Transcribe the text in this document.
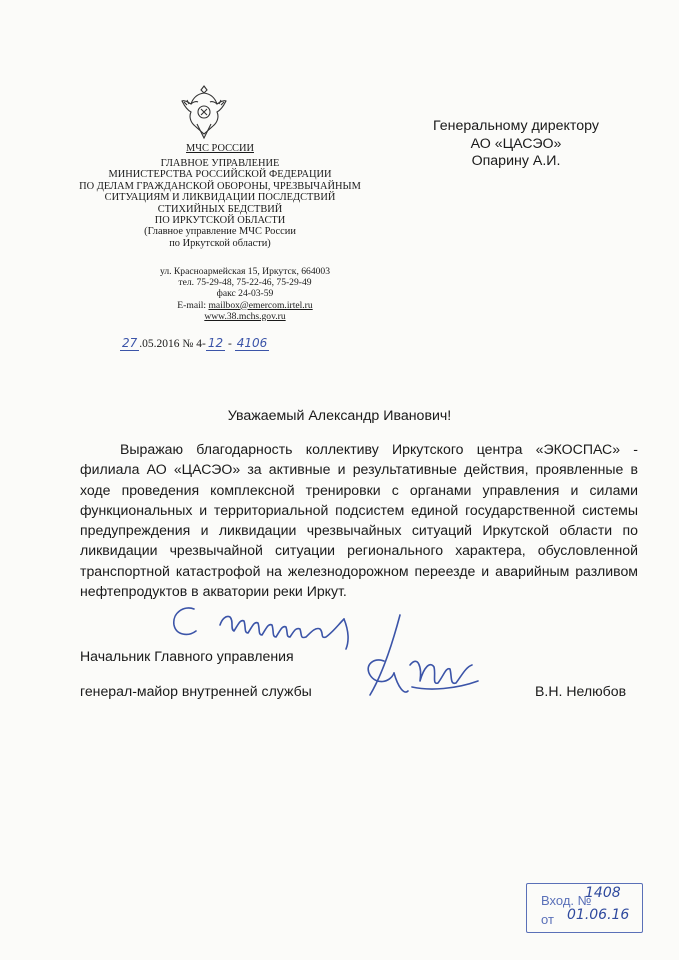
МЧС РОССИИ
ГЛАВНОЕ УПРАВЛЕНИЕ
МИНИСТЕРСТВА РОССИЙСКОЙ ФЕДЕРАЦИИ
ПО ДЕЛАМ ГРАЖДАНСКОЙ ОБОРОНЫ, ЧРЕЗВЫЧАЙНЫМ
СИТУАЦИЯМ И ЛИКВИДАЦИИ ПОСЛЕДСТВИЙ
СТИХИЙНЫХ БЕДСТВИЙ
ПО ИРКУТСКОЙ ОБЛАСТИ
(Главное управление МЧС России
по Иркутской области)
ул. Красноармейская 15, Иркутск, 664003
тел. 75-29-48, 75-22-46, 75-29-49
факс 24-03-59
E-mail: mailbox@emercom.irtel.ru
www.38.mchs.gov.ru
27 .05.2016 № 4- 12 - 4106
Генеральному директору
АО «ЦАСЭО»
Опарину А.И.
Уважаемый Александр Иванович!
Выражаю благодарность коллективу Иркутского центра «ЭКОСПАС» - филиала АО «ЦАСЭО» за активные и результативные действия, проявленные в ходе проведения комплексной тренировки с органами управления и силами функциональных и территориальной подсистем единой государственной системы предупреждения и ликвидации чрезвычайных ситуаций Иркутской области по ликвидации чрезвычайной ситуации регионального характера, обусловленной транспортной катастрофой на железнодорожном переезде и аварийным разливом нефтепродуктов в акватории реки Иркут.
Начальник Главного управления
генерал-майор внутренней службы	В.Н. Нелюбов
Вход. №
1408
от 01.06.16
